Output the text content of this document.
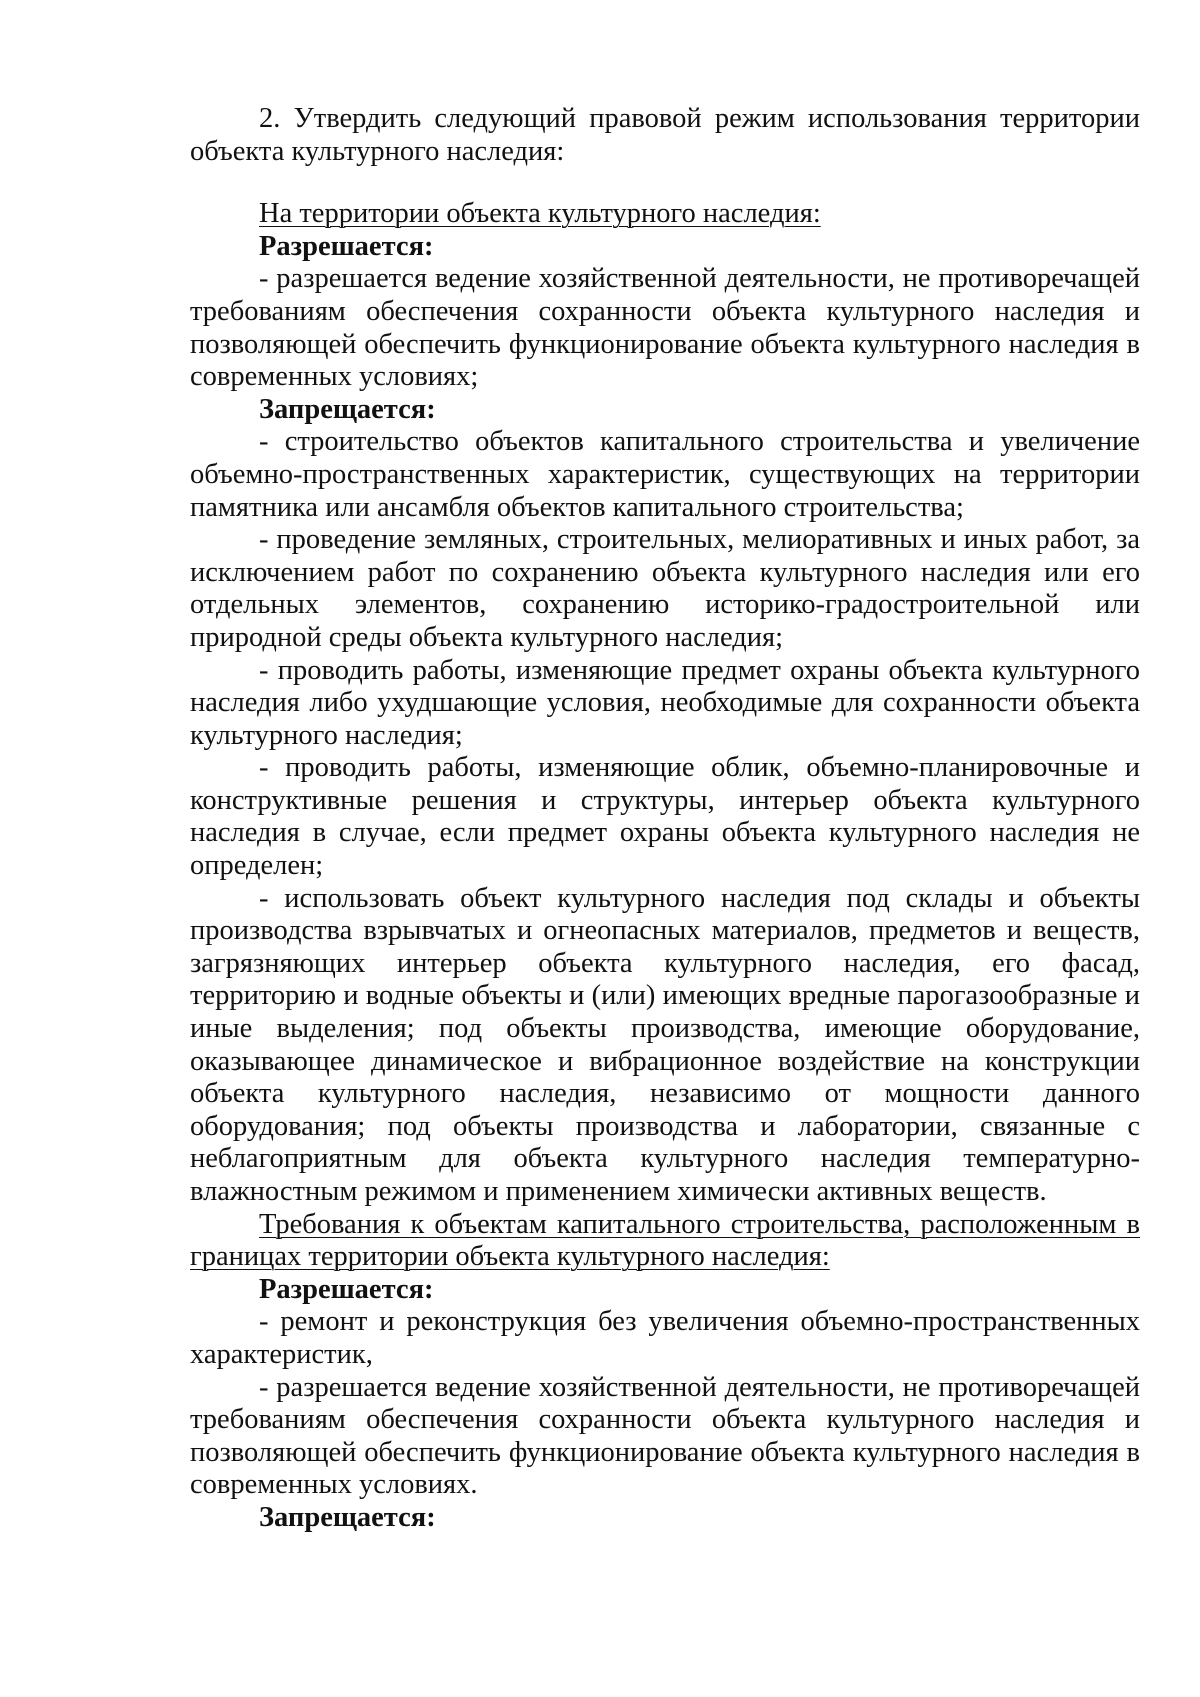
2. Утвердить следующий правовой режим использования территории объекта культурного наследия:

На территории объекта культурного наследия:

Разрешается:

- разрешается ведение хозяйственной деятельности, не противоречащей требованиям обеспечения сохранности объекта культурного наследия и позволяющей обеспечить функционирование объекта культурного наследия в современных условиях;

Запрещается:

- строительство объектов капитального строительства и увеличение объемно-пространственных характеристик, существующих на территории памятника или ансамбля объектов капитального строительства;

- проведение земляных, строительных, мелиоративных и иных работ, за исключением работ по сохранению объекта культурного наследия или его отдельных элементов, сохранению историко-градостроительной или природной среды объекта культурного наследия;

- проводить работы, изменяющие предмет охраны объекта культурного наследия либо ухудшающие условия, необходимые для сохранности объекта культурного наследия;

- проводить работы, изменяющие облик, объемно-планировочные и конструктивные решения и структуры, интерьер объекта культурного наследия в случае, если предмет охраны объекта культурного наследия не определен;

- использовать объект культурного наследия под склады и объекты производства взрывчатых и огнеопасных материалов, предметов и веществ, загрязняющих интерьер объекта культурного наследия, его фасад, территорию и водные объекты и (или) имеющих вредные парогазообразные и иные выделения; под объекты производства, имеющие оборудование, оказывающее динамическое и вибрационное воздействие на конструкции объекта культурного наследия, независимо от мощности данного оборудования; под объекты производства и лаборатории, связанные с неблагоприятным для объекта культурного наследия температурно-влажностным режимом и применением химически активных веществ.

Требования к объектам капитального строительства, расположенным в границах территории объекта культурного наследия:

Разрешается:

- ремонт и реконструкция без увеличения объемно-пространственных характеристик,

- разрешается ведение хозяйственной деятельности, не противоречащей требованиям обеспечения сохранности объекта культурного наследия и позволяющей обеспечить функционирование объекта культурного наследия в современных условиях.

Запрещается:
